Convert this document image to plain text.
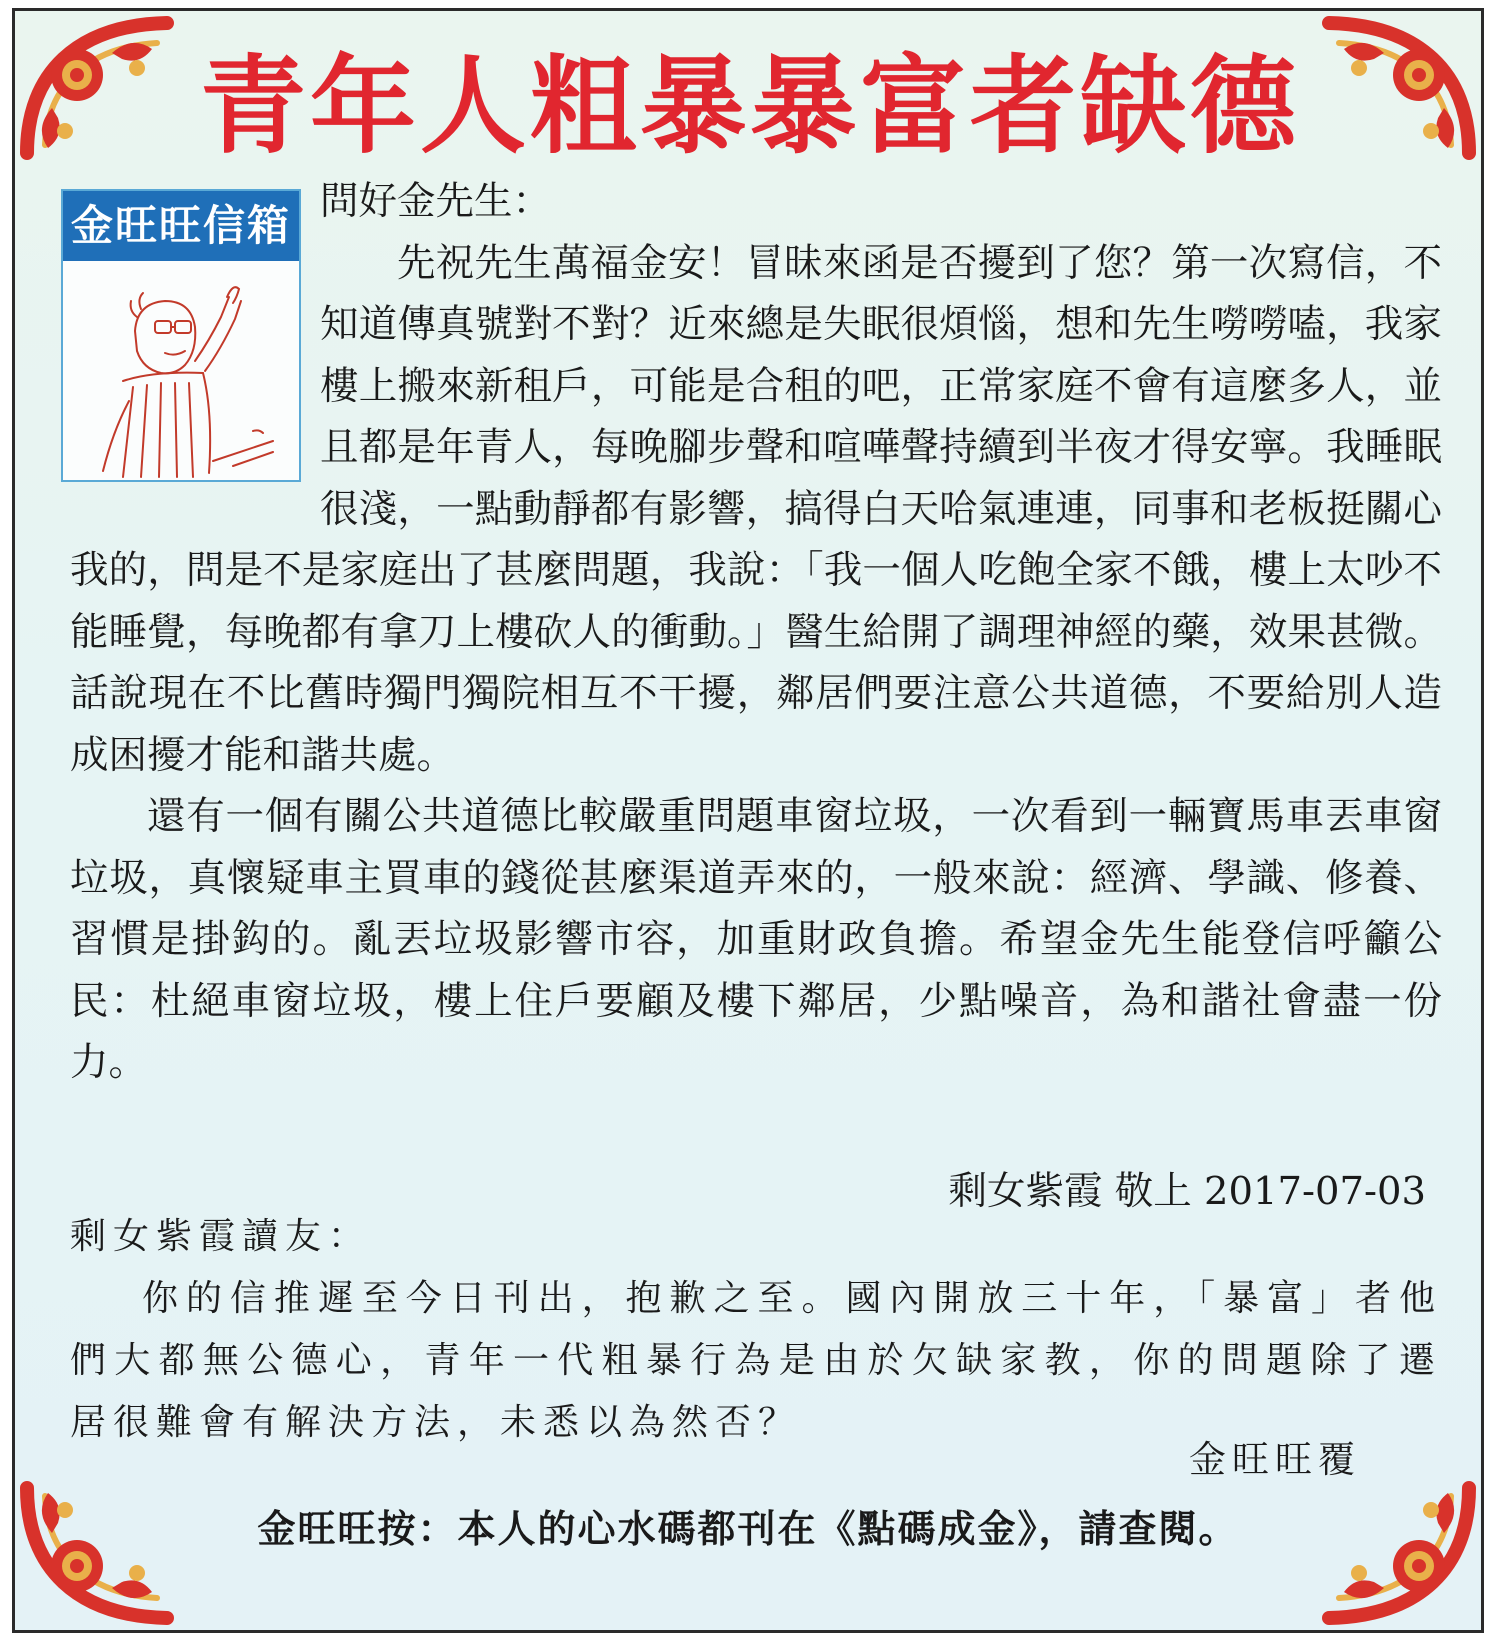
青年人粗暴暴富者缺德
金旺旺信箱 問好金先生：

先祝先生萬福金安！冒昧來函是否擾到了您？第一次寫信，不知道傳真號對不對？近來總是失眠很煩惱，想和先生嘮嘮嗑，我家樓上搬來新租戶，可能是合租的吧，正常家庭不會有這麼多人，並且都是年青人，每晚腳步聲和喧嘩聲持續到半夜才得安寧。我睡眠很淺，一點動靜都有影響，搞得白天哈氣連連，同事和老板挺關心我的，問是不是家庭出了甚麼問題，我說：「我一個人吃飽全家不餓，樓上太吵不能睡覺，每晚都有拿刀上樓砍人的衝動。」醫生給開了調理神經的藥，效果甚微。話說現在不比舊時獨門獨院相互不干擾，鄰居們要注意公共道德，不要給別人造成困擾才能和諧共處。

還有一個有關公共道德比較嚴重問題車窗垃圾，一次看到一輛寶馬車丟車窗垃圾，真懷疑車主買車的錢從甚麼渠道弄來的，一般來說：經濟、學識、修養、習慣是掛鈎的。亂丟垃圾影響市容，加重財政負擔。希望金先生能登信呼籲公民：杜絕車窗垃圾，樓上住戶要顧及樓下鄰居，少點噪音，為和諧社會盡一份力。

剩女紫霞 敬上 2017-07-03

剩女紫霞讀友：

你的信推遲至今日刊出，抱歉之至。國內開放三十年，「暴富」者他們大都無公德心，青年一代粗暴行為是由於欠缺家教，你的問題除了遷居很難會有解決方法，未悉以為然否？

金旺旺覆

金旺旺按：本人的心水碼都刊在《點碼成金》，請查閱。
